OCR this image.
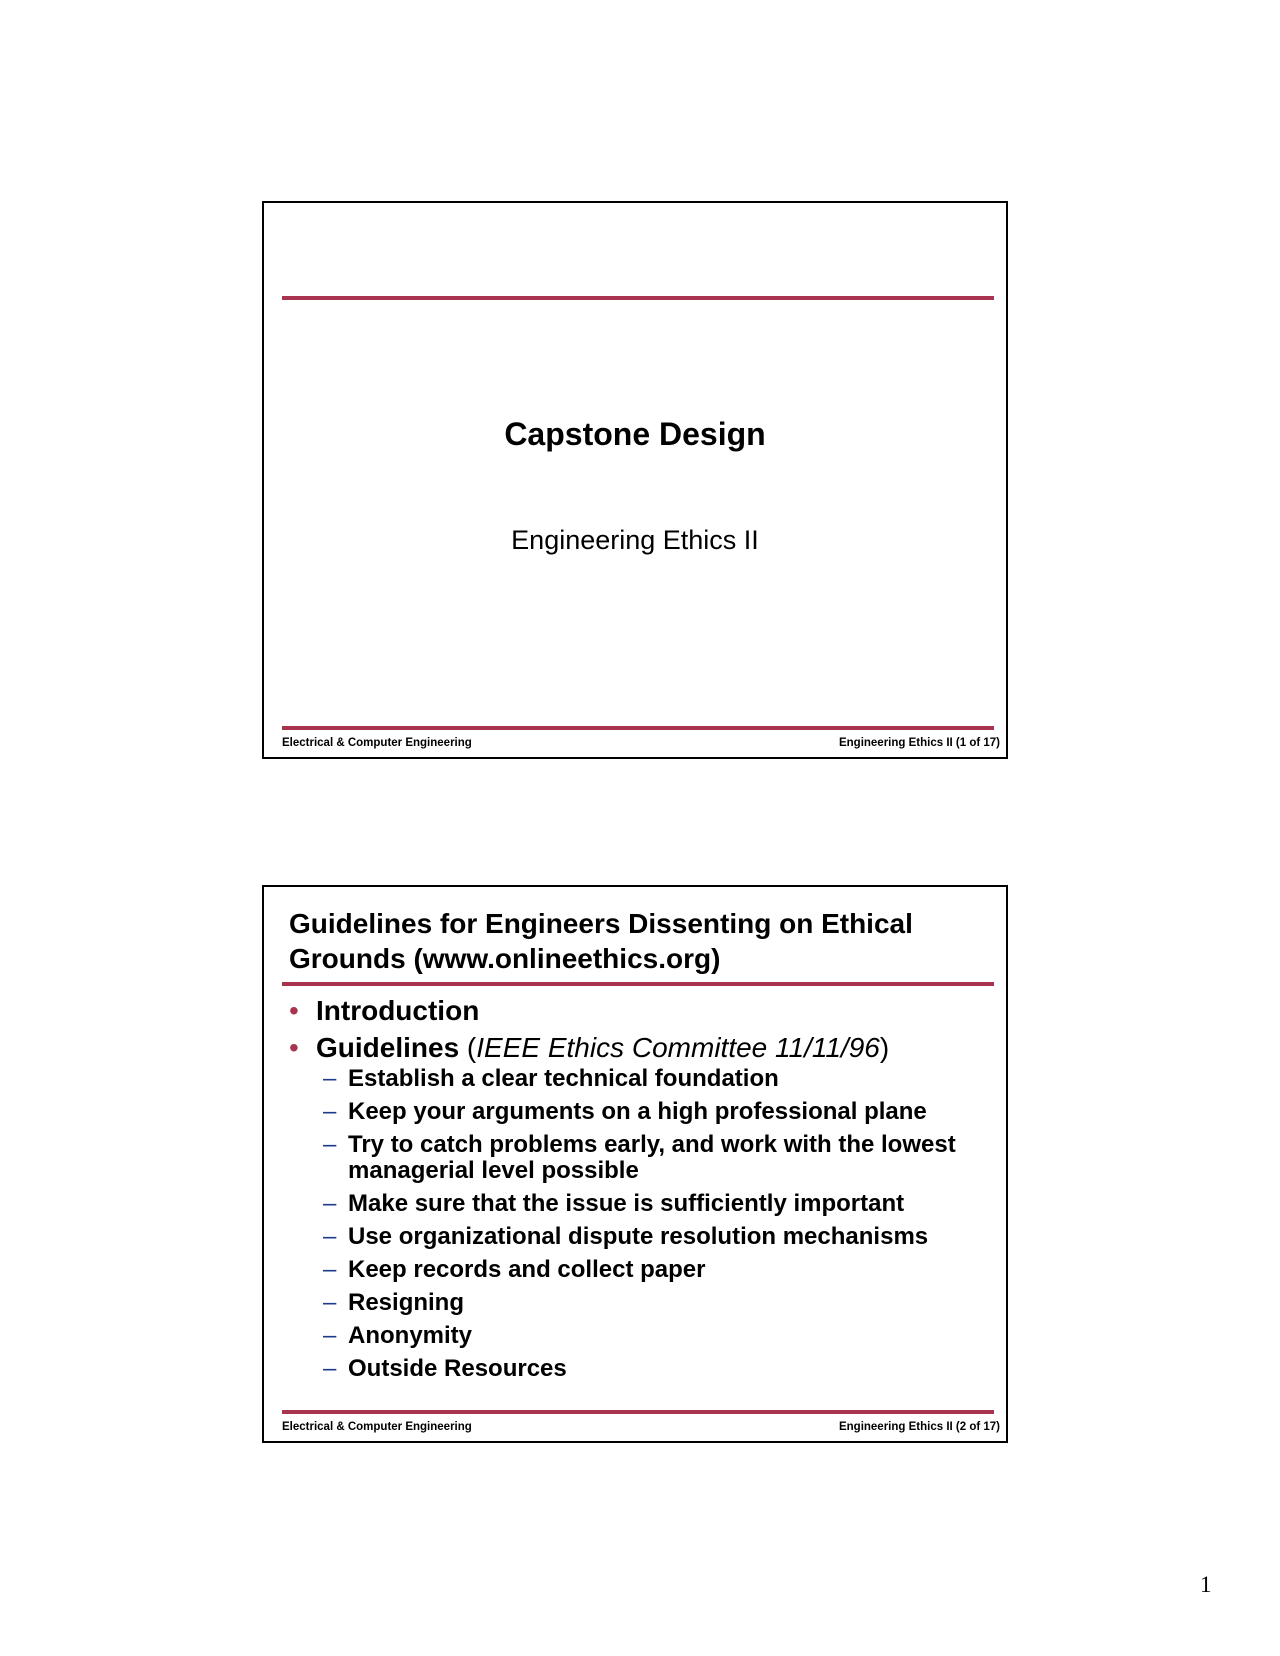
Capstone Design
Engineering Ethics II
Electrical & Computer Engineering	Engineering Ethics II (1 of 17)
Guidelines for Engineers Dissenting on Ethical Grounds (www.onlineethics.org)
• Introduction
• Guidelines (IEEE Ethics Committee 11/11/96)
– Establish a clear technical foundation
– Keep your arguments on a high professional plane
– Try to catch problems early, and work with the lowest managerial level possible
– Make sure that the issue is sufficiently important
– Use organizational dispute resolution mechanisms
– Keep records and collect paper
– Resigning
– Anonymity
– Outside Resources
Electrical & Computer Engineering	Engineering Ethics II (2 of 17)
1
